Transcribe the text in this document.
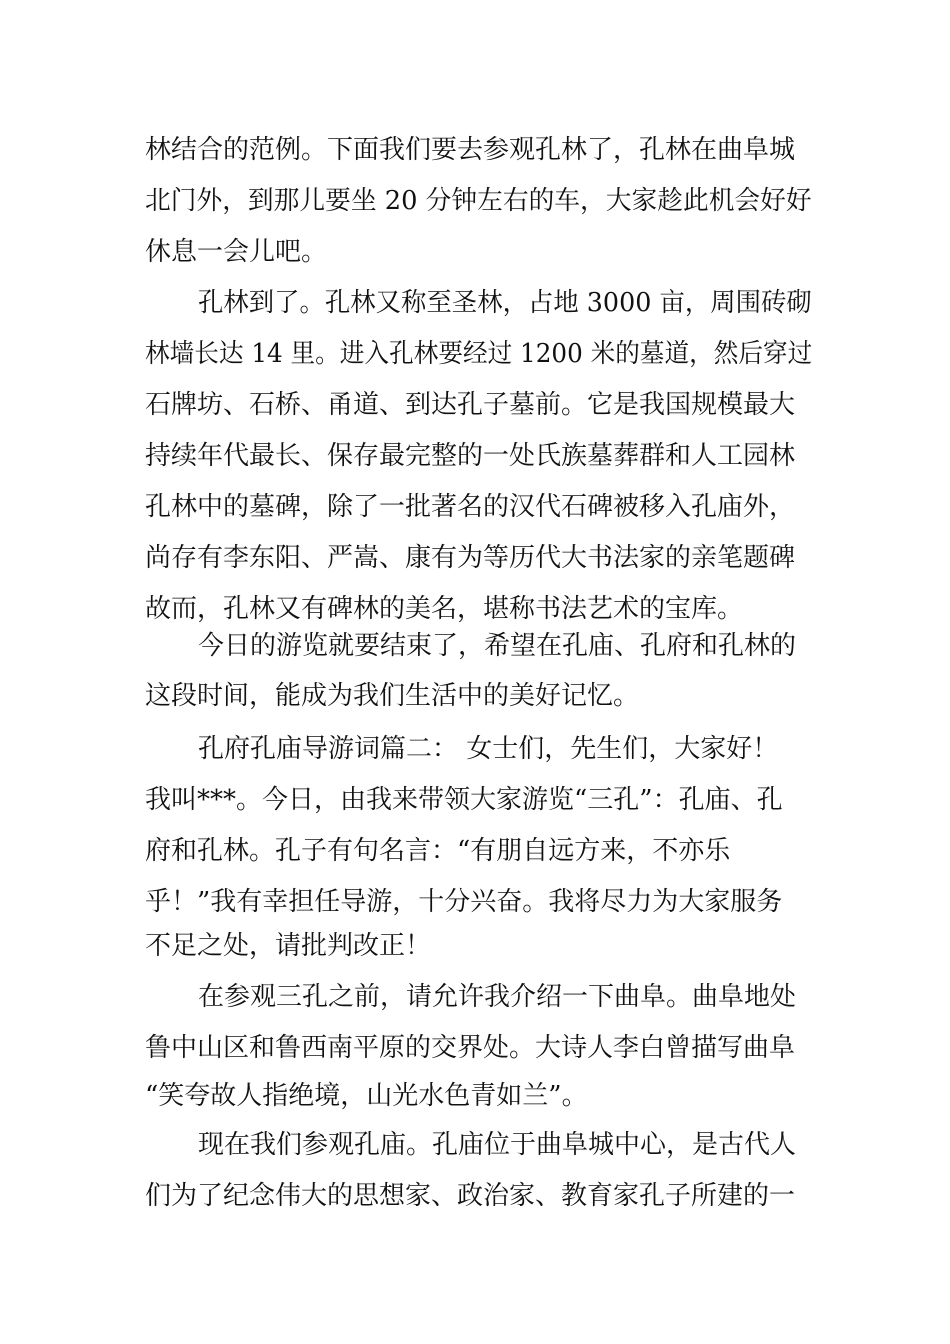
林结合的范例。下面我们要去参观孔林了，孔林在曲阜城

北门外，到那儿要坐 20 分钟左右的车，大家趁此机会好好

休息一会儿吧。

孔林到了。孔林又称至圣林，占地 3000 亩，周围砖砌

林墙长达 14 里。进入孔林要经过 1200 米的墓道，然后穿过

石牌坊、石桥、甬道、到达孔子墓前。它是我国规模最大

持续年代最长、保存最完整的一处氏族墓葬群和人工园林

孔林中的墓碑，除了一批著名的汉代石碑被移入孔庙外，

尚存有李东阳、严嵩、康有为等历代大书法家的亲笔题碑

故而，孔林又有碑林的美名，堪称书法艺术的宝库。

今日的游览就要结束了，希望在孔庙、孔府和孔林的

这段时间，能成为我们生活中的美好记忆。

孔府孔庙导游词篇二： 女士们，先生们，大家好！

我叫***。今日，由我来带领大家游览“三孔”：孔庙、孔

府和孔林。孔子有句名言：“有朋自远方来，不亦乐

乎！”我有幸担任导游，十分兴奋。我将尽力为大家服务

不足之处，请批判改正！

在参观三孔之前，请允许我介绍一下曲阜。曲阜地处

鲁中山区和鲁西南平原的交界处。大诗人李白曾描写曲阜

“笑夸故人指绝境，山光水色青如兰”。

现在我们参观孔庙。孔庙位于曲阜城中心，是古代人

们为了纪念伟大的思想家、政治家、教育家孔子所建的一
